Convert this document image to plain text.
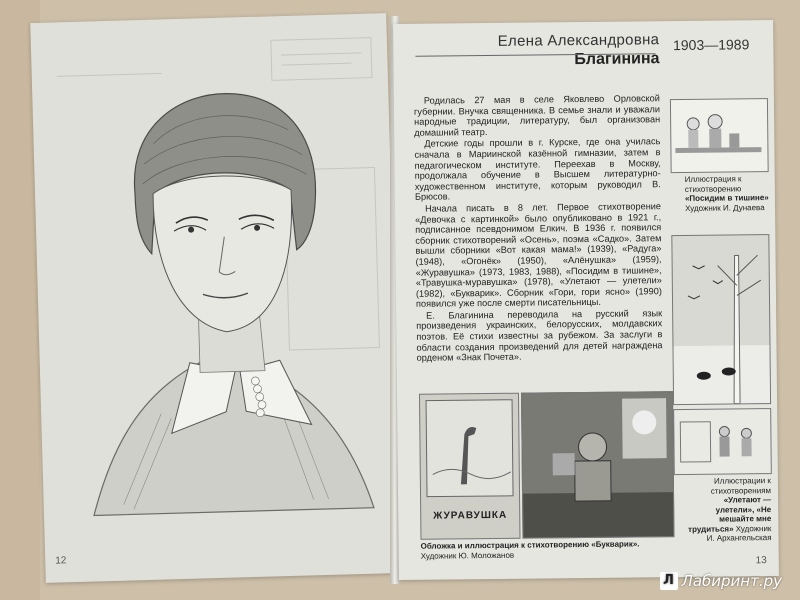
12
Елена Александровна
Благинина
1903—1989

Родилась 27 мая в селе Яковлево Орловской губернии. Внучка священника. В семье знали и уважали народные традиции, литературу, был организован домашний театр.

Детские годы прошли в г. Курске, где она училась сначала в Мариинской казённой гимназии, затем в педагогическом институте. Переехав в Москву, продолжала обучение в Высшем литературно-художественном институте, которым руководил В. Брюсов.

Начала писать в 8 лет. Первое стихотворение «Девочка с картинкой» было опубликовано в 1921 г., подписанное псевдонимом Елкич. В 1936 г. появился сборник стихотворений «Осень», поэма «Садко». Затем вышли сборники «Вот какая мама!» (1939), «Радуга» (1948), «Огонёк» (1950), «Алёнушка» (1959), «Журавушка» (1973, 1983, 1988), «Посидим в тишине», «Травушка-муравушка» (1978), «Улетают — улетели» (1982), «Букварик». Сборник «Гори, гори ясно» (1990) появился уже после смерти писательницы.

Е. Благинина переводила на русский язык произведения украинских, белорусских, молдавских поэтов. Её стихи известны за рубежом. За заслуги в области создания произведений для детей награждена орденом «Знак Почета».

Иллюстрация к стихотворению «Посидим в тишине» Художник И. Дунаева
Иллюстрации к стихотворениям «Улетают — улетели», «Не мешайте мне трудиться» Художник И. Архангельская
ЖУРАВУШКА
Обложка и иллюстрация к стихотворению «Букварик».
Художник Ю. Моложанов	13
Л Лабиринт.ру
